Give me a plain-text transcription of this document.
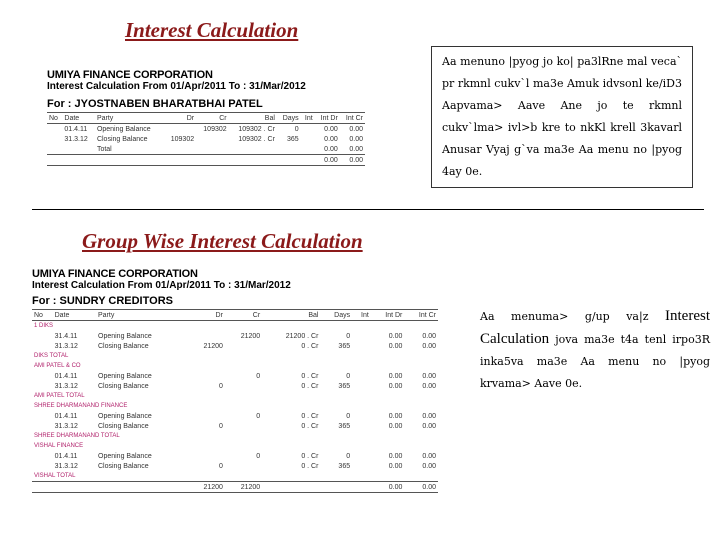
Interest Calculation
UMIYA FINANCE CORPORATION
Interest Calculation From 01/Apr/2011 To : 31/Mar/2012
For : JYOSTNABEN BHARATBHAI PATEL
No	Date	Party	Dr	Cr	Bal	Days	Int	Int Dr	Int Cr
	01.4.11	Opening Balance		109302	109302 . Cr	0		0.00	0.00
	31.3.12	Closing Balance	109302		109302 . Cr	365		0.00	0.00
		Total						0.00	0.00
								0.00	0.00
Aa menuno |pyog jo ko| pa3lRne mal veca` pr rkmnl cukv`l ma3e Amuk idvsonl ke/iD3 Aapvama> Aave Ane jo te rkmnl cukv`lma> ivl>b kre to nkKl krell 3kavarl Anusar Vyaj g`va ma3e Aa menu no |pyog 4ay 0e.
Group Wise Interest Calculation
UMIYA FINANCE CORPORATION
Interest Calculation From 01/Apr/2011 To : 31/Mar/2012
For : SUNDRY CREDITORS
No	Date	Party	Dr	Cr	Bal	Days	Int	Int Dr	Int Cr
1 DIKS									
	31.4.11	Opening Balance		21200	21200 . Cr	0		0.00	0.00
	31.3.12	Closing Balance	21200		0 . Cr	365		0.00	0.00
DIKS TOTAL									
AMI PATEL & CO									
	01.4.11	Opening Balance		0	0 . Cr	0		0.00	0.00
	31.3.12	Closing Balance	0		0 . Cr	365		0.00	0.00
AMI PATEL TOTAL									
SHREE DHARMANAND FINANCE									
	01.4.11	Opening Balance		0	0 . Cr	0		0.00	0.00
	31.3.12	Closing Balance	0		0 . Cr	365		0.00	0.00
SHREE DHARMANAND TOTAL									
VISHAL FINANCE									
	01.4.11	Opening Balance		0	0 . Cr	0		0.00	0.00
	31.3.12	Closing Balance	0		0 . Cr	365		0.00	0.00
VISHAL TOTAL									
			21200	21200				0.00	0.00
Aa menuma> g/up va|z Interest Calculation jova ma3e t4a tenl irpo3R inka5va ma3e Aa menu no |pyog krvama> Aave 0e.
